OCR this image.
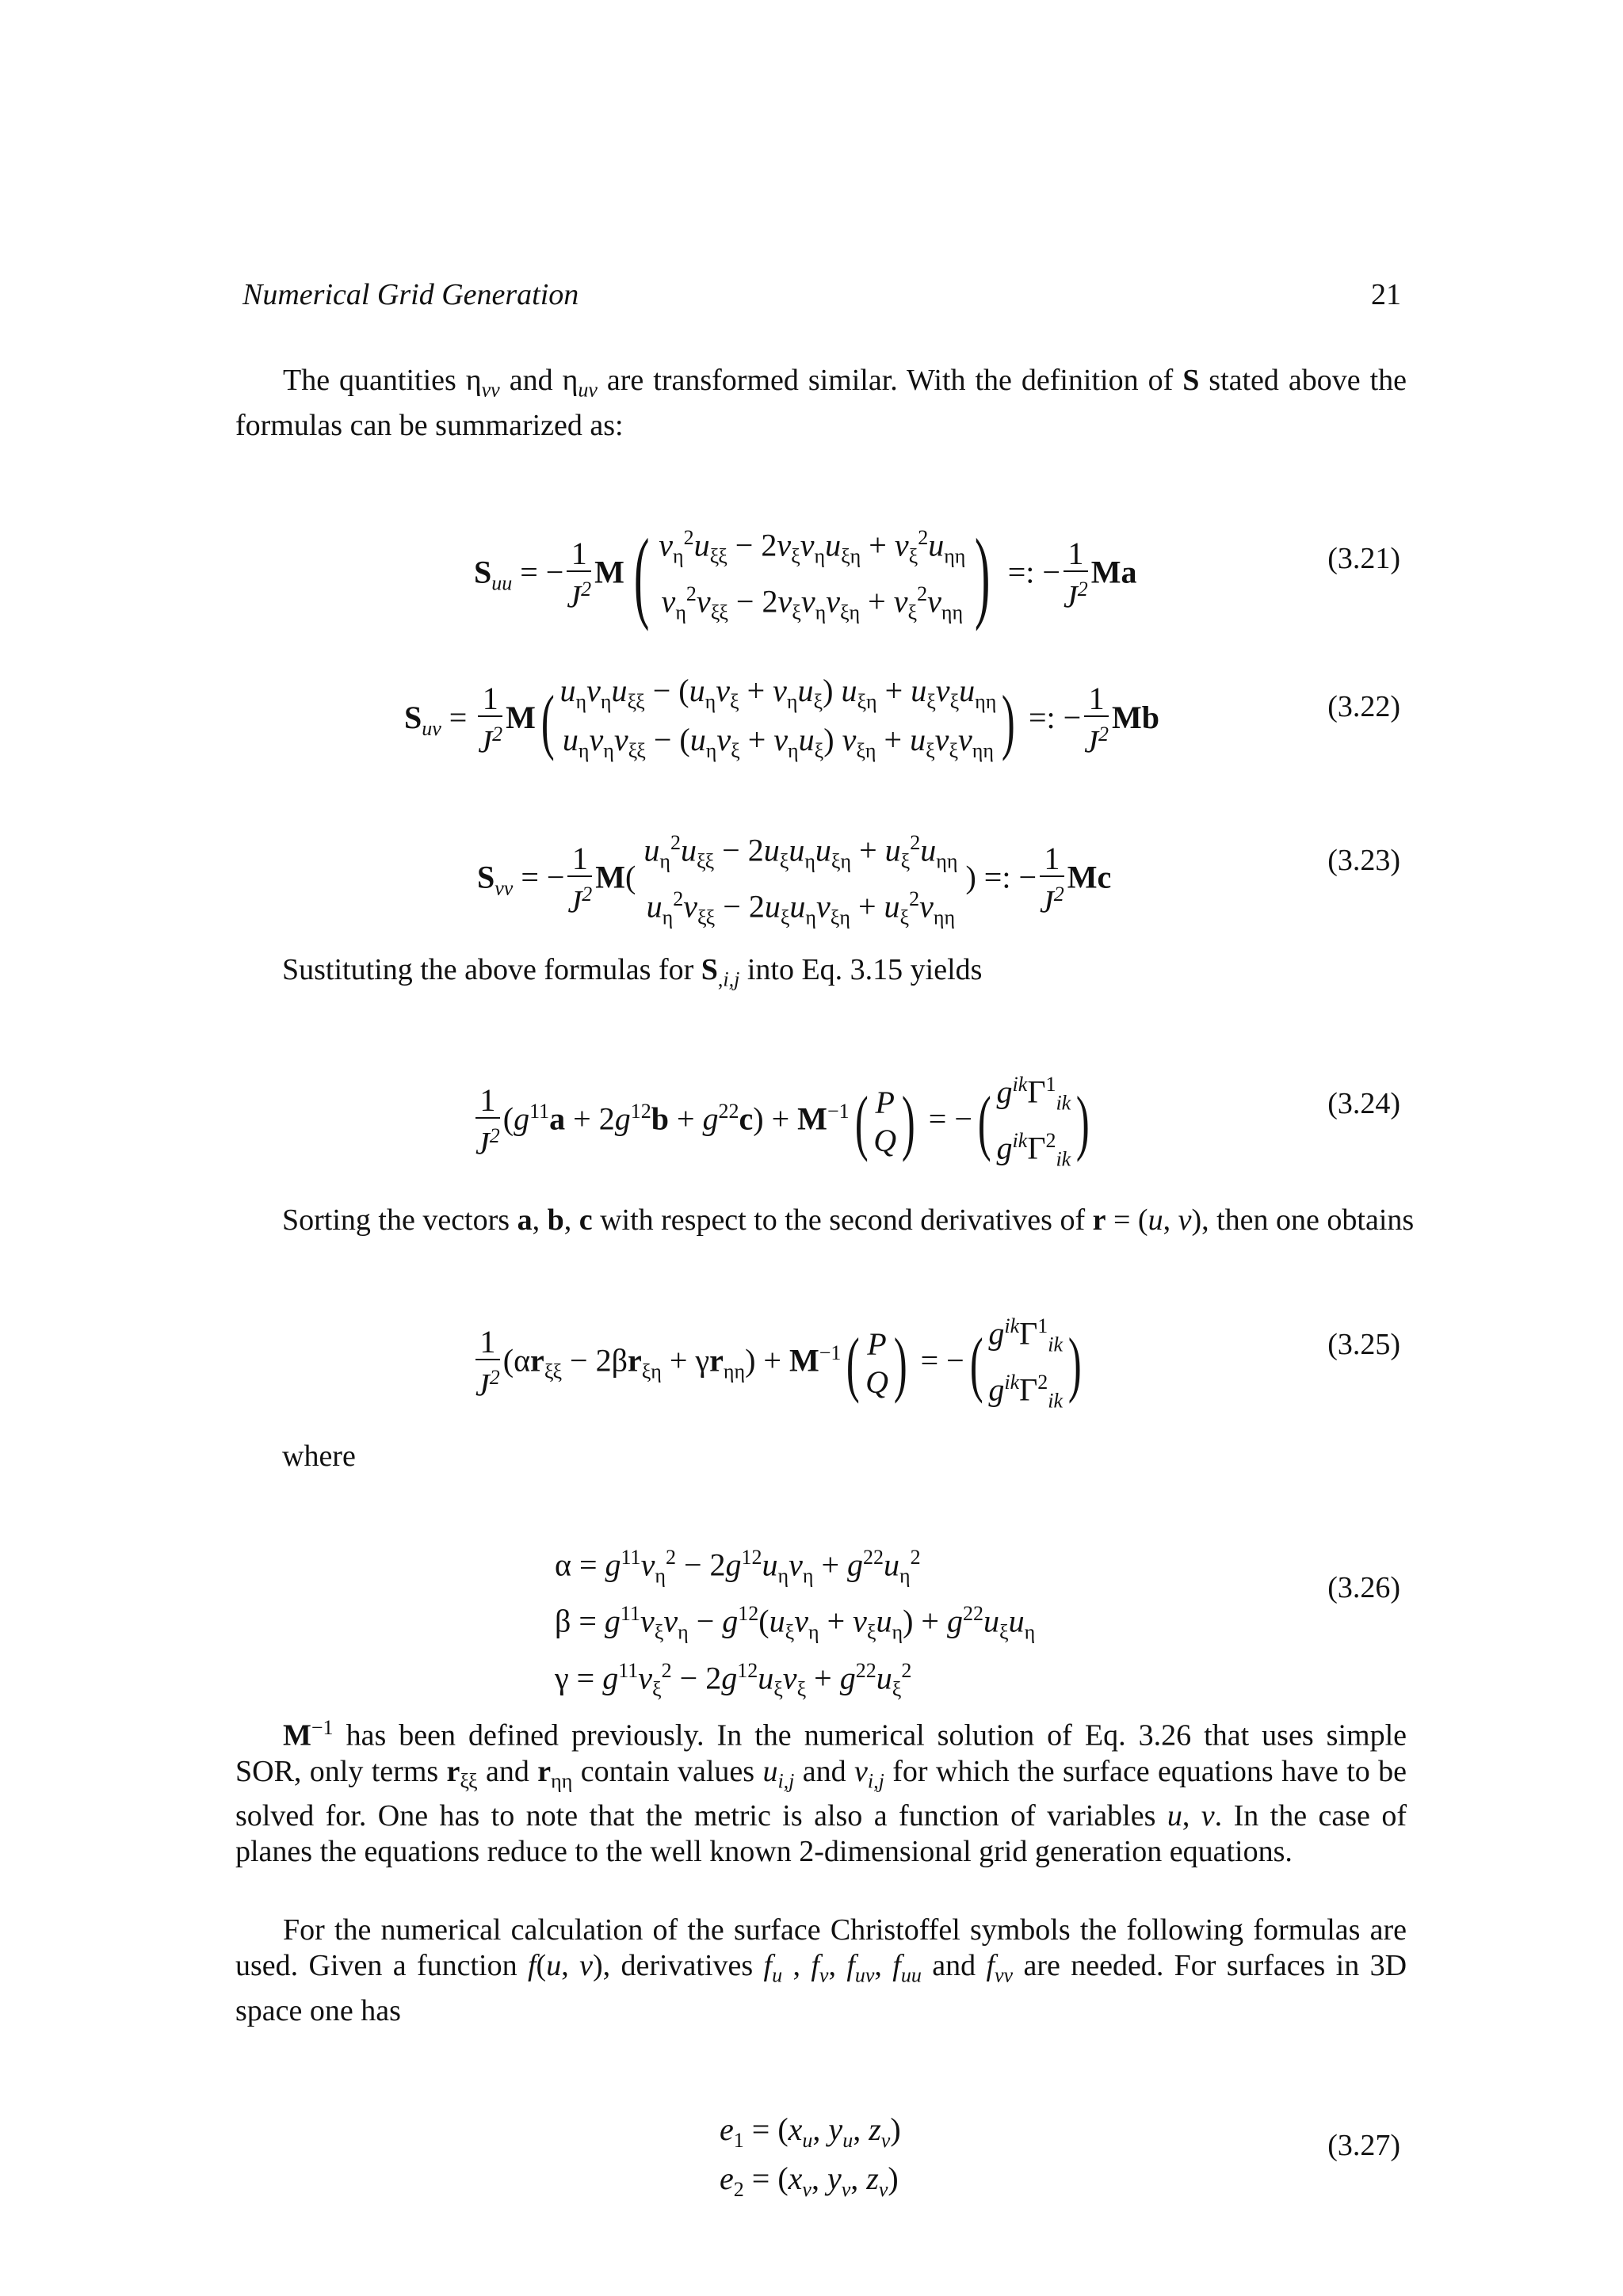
Numerical Grid Generation	21
The quantities $\eta_{vv}$ and $\eta_{uv}$ are transformed similar. With the definition of S stated above the formulas can be summarized as:
$S_{uu}$ = − $\frac{1}{J^2} M$( $v_\eta^2u_{\xi\xi} - 2v_\xi v_\eta u_{\xi\eta} + v_\xi^2u_{\eta\eta}$
$v_\eta^2v_{\xi\xi} - 2v_\xi v_\eta v_{\xi\eta} + v_\xi^2v_{\eta\eta}$ ) =: − $\frac{1}{J^2}$ Ma	(3.21)
$S_{uv} = \frac{1}{J^2} M$( $u_\eta v_\eta u_{\xi\xi} - (u_\eta v_\xi + v_\eta u_\xi) u_{\xi\eta} + u_\xi v_\xi u_{\eta\eta}$
$u_\eta v_\eta v_{\xi\xi} - (u_\eta v_\xi + v_\eta u_\xi) v_{\xi\eta} + u_\xi v_\xi v_{\eta\eta}$ ) =: − $\frac{1}{J^2}$ Mb	(3.22)
$S_{vv}$ = − $\frac{1}{J^2} M$(
$u_\eta^2u_{\xi\xi} - 2u_\xi u_\eta u_{\xi\eta} + u_\xi^2u_{\eta\eta}$
$u_\eta^2v_{\xi\xi} - 2u_\xi u_\eta v_{\xi\eta} + u_\xi^2v_{\eta\eta}$
) =: − $\frac{1}{J^2}$ Mc	(3.23)
Sustituting the above formulas for $S_{,i,j}$ into Eq. 3.15 yields
$\frac{1}{J^2} (g^{11}a + 2g^{12}b + g^{22}c) + M^{-1}$( P
Q ) = −( $g^{ik}\Gamma^1_{ik}$
$g^{ik}\Gamma^2_{ik}$ )	(3.24)
Sorting the vectors a, b, c with respect to the second derivatives of r = (u, v), then one obtains
$\frac{1}{J^2} (\alpha r_{\xi\xi} - 2\beta r_{\xi\eta} + \gamma r_{\eta\eta}) + M^{-1}$( P
Q ) = −( $g^{ik}\Gamma^1_{ik}$
$g^{ik}\Gamma^2_{ik}$ )	(3.25)
where
$\alpha = g^{11}v_\eta^2 - 2g^{12}u_\eta v_\eta + g^{22}u_\eta^2$
$\beta = g^{11}v_\xi v_\eta - g^{12}(u_\xi v_\eta + v_\xi u_\eta) + g^{22}u_\xi u_\eta$
$\gamma = g^{11}v_\xi^2 - 2g^{12}u_\xi v_\xi + g^{22}u_\xi^2$
(3.26)
$M^{-1}$ has been defined previously. In the numerical solution of Eq. 3.26 that uses simple SOR, only terms $r_{\xi\xi}$ and $r_{\eta\eta}$ contain values $u_{i,j}$ and $v_{i,j}$ for which the surface equations have to be solved for. One has to note that the metric is also a function of variables u, v. In the case of planes the equations reduce to the well known 2-dimensional grid generation equations.
For the numerical calculation of the surface Christoffel symbols the following formulas are used. Given a function f(u, v), derivatives $f_u$ , $f_v$, $f_{uv}$, $f_{uu}$ and $f_{vv}$ are needed. For surfaces in 3D space one has
$e_1 = (x_u$, $y_u$, $z_v$)
$e_2 = (x_v$, $y_v$, $z_v$)
(3.27)
